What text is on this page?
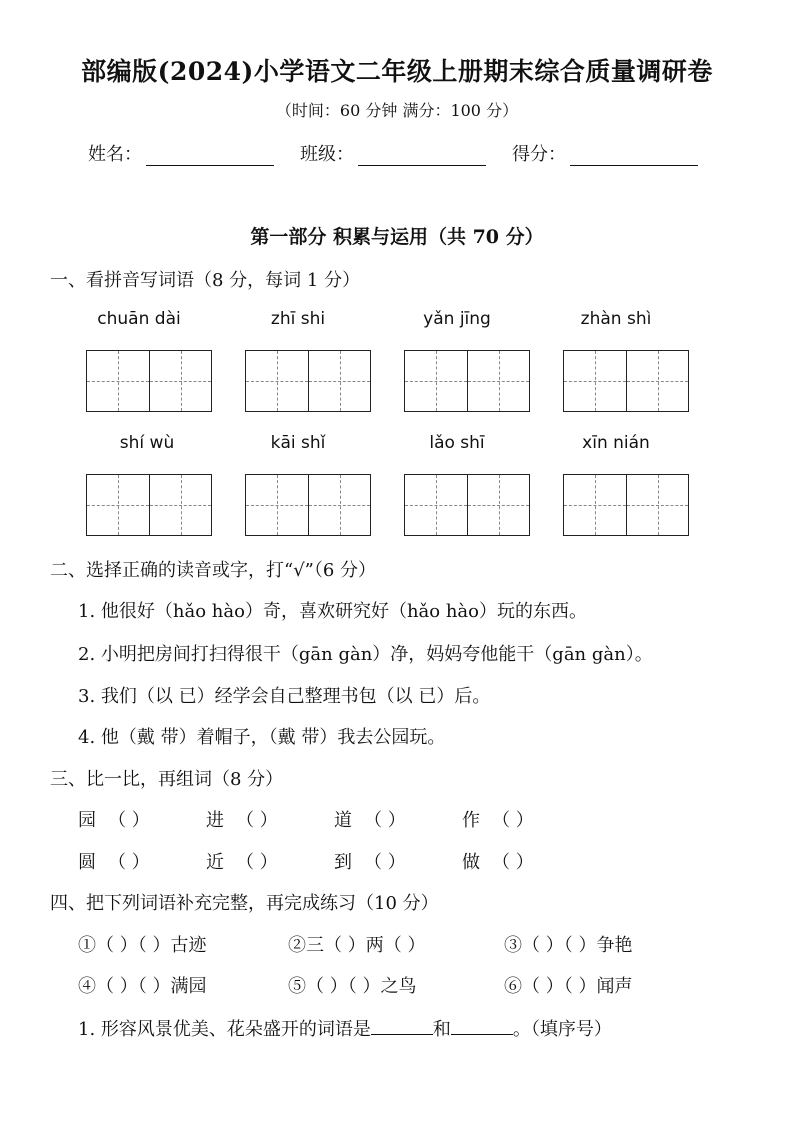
部编版(2024)小学语文二年级上册期末综合质量调研卷
（时间：60 分钟 满分：100 分）
姓名：	班级：	得分：
第一部分 积累与运用（共 70 分）
一、看拼音写词语（8 分，每词 1 分）
chuān dài	zhī shi	yǎn jīng	zhàn shì
shí wù	kāi shǐ	lǎo shī	xīn nián
二、选择正确的读音或字，打“√”（6 分）
1. 他很好（hǎo hào）奇，喜欢研究好（hǎo hào）玩的东西。
2. 小明把房间打扫得很干（gān gàn）净，妈妈夸他能干（gān gàn）。
3. 我们（以 已）经学会自己整理书包（以 已）后。
4. 他（戴 带）着帽子，（戴 带）我去公园玩。
三、比一比，再组词（8 分）
园 （ ）	进 （ ）	道 （ ）	作 （ ）
圆 （ ）	近 （ ）	到 （ ）	做 （ ）
四、把下列词语补充完整，再完成练习（10 分）
①（ ）（ ）古迹	②三（ ）两（ ）	③（ ）（ ）争艳
④（ ）（ ）满园	⑤（ ）（ ）之鸟	⑥（ ）（ ）闻声
1. 形容风景优美、花朵盛开的词语是	和	。（填序号）
